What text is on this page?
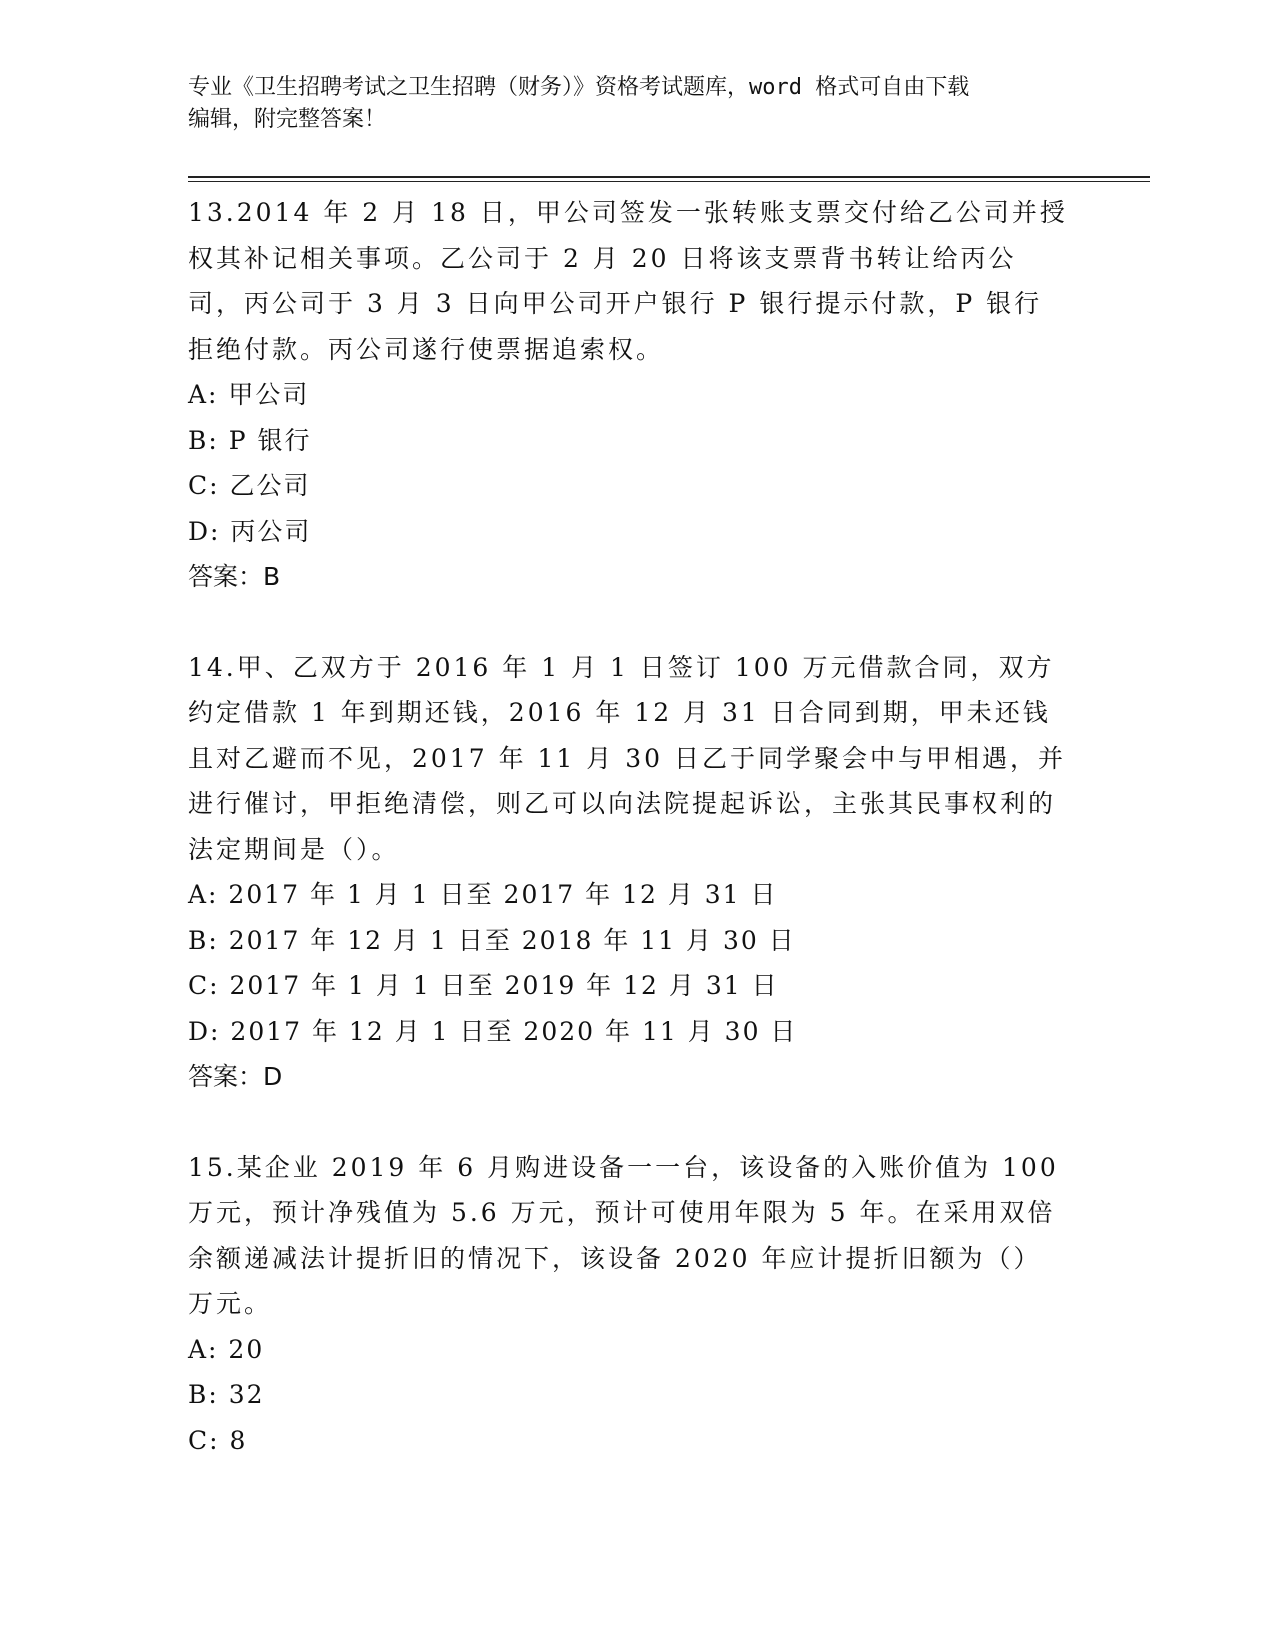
专业《卫生招聘考试之卫生招聘（财务）》资格考试题库，word 格式可自由下载
编辑，附完整答案！

13.2014 年 2 月 18 日，甲公司签发一张转账支票交付给乙公司并授权其补记相关事项。乙公司于 2 月 20 日将该支票背书转让给丙公司，丙公司于 3 月 3 日向甲公司开户银行 P 银行提示付款，P 银行拒绝付款。丙公司遂行使票据追索权。

A: 甲公司

B: P 银行

C: 乙公司

D: 丙公司

答案：B

14.甲、乙双方于 2016 年 1 月 1 日签订 100 万元借款合同，双方约定借款 1 年到期还钱，2016 年 12 月 31 日合同到期，甲未还钱且对乙避而不见，2017 年 11 月 30 日乙于同学聚会中与甲相遇，并进行催讨，甲拒绝清偿，则乙可以向法院提起诉讼，主张其民事权利的法定期间是（）。

A: 2017 年 1 月 1 日至 2017 年 12 月 31 日

B: 2017 年 12 月 1 日至 2018 年 11 月 30 日

C: 2017 年 1 月 1 日至 2019 年 12 月 31 日

D: 2017 年 12 月 1 日至 2020 年 11 月 30 日

答案：D

15.某企业 2019 年 6 月购进设备一一台，该设备的入账价值为 100 万元，预计净残值为 5.6 万元，预计可使用年限为 5 年。在采用双倍余额递减法计提折旧的情况下，该设备 2020 年应计提折旧额为（）万元。

A: 20

B: 32

C: 8
